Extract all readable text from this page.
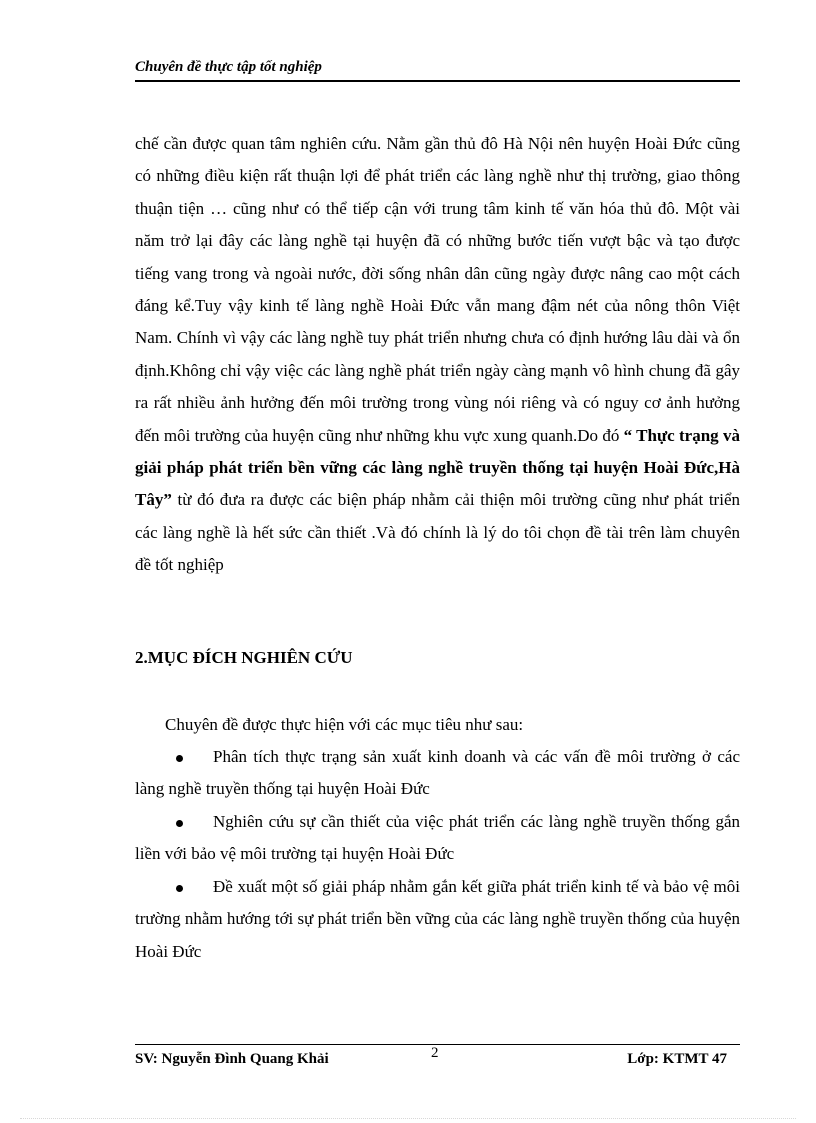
Chuyên đề thực tập tốt nghiệp

chế cần được quan tâm nghiên cứu. Nằm gần thủ đô Hà Nội nên huyện Hoài Đức cũng có những điều kiện rất thuận lợi để phát triển các làng nghề như thị trường, giao thông thuận tiện … cũng như có thể tiếp cận với trung tâm kinh tế văn hóa thủ đô. Một vài năm trở lại đây các làng nghề tại huyện đã có những bước tiến vượt bậc và tạo được tiếng vang trong và ngoài nước, đời sống nhân dân cũng ngày được nâng cao một cách đáng kể.Tuy vậy kinh tế làng nghề Hoài Đức vẫn mang đậm nét của nông thôn Việt Nam. Chính vì vậy các làng nghề tuy phát triển nhưng chưa có định hướng lâu dài và ổn định.Không chỉ vậy việc các làng nghề phát triển ngày càng mạnh vô hình chung đã gây ra rất nhiều ảnh hưởng đến môi trường trong vùng nói riêng và có nguy cơ ảnh hưởng đến môi trường của huyện cũng như những khu vực xung quanh.Do đó “ Thực trạng và giải pháp phát triển bền vững các làng nghề truyền thống tại huyện Hoài Đức,Hà Tây” từ đó đưa ra được các biện pháp nhằm cải thiện môi trường cũng như phát triển các làng nghề là hết sức cần thiết .Và đó chính là lý do tôi chọn đề tài trên làm chuyên đề tốt nghiệp

2.MỤC ĐÍCH NGHIÊN CỨU

Chuyên đề được thực hiện với các mục tiêu như sau:

Phân tích thực trạng sản xuất kinh doanh và các vấn đề môi trường ở các làng nghề truyền thống tại huyện Hoài Đức
Nghiên cứu sự cần thiết của việc phát triển các làng nghề truyền thống gắn liền với bảo vệ môi trường tại huyện Hoài Đức
Đề xuất một số giải pháp nhằm gắn kết giữa phát triển kinh tế và bảo vệ môi trường nhằm hướng tới sự phát triển bền vững của các làng nghề truyền thống của huyện Hoài Đức
SV: Nguyễn Đình Quang Khải	2	Lớp: KTMT 47
